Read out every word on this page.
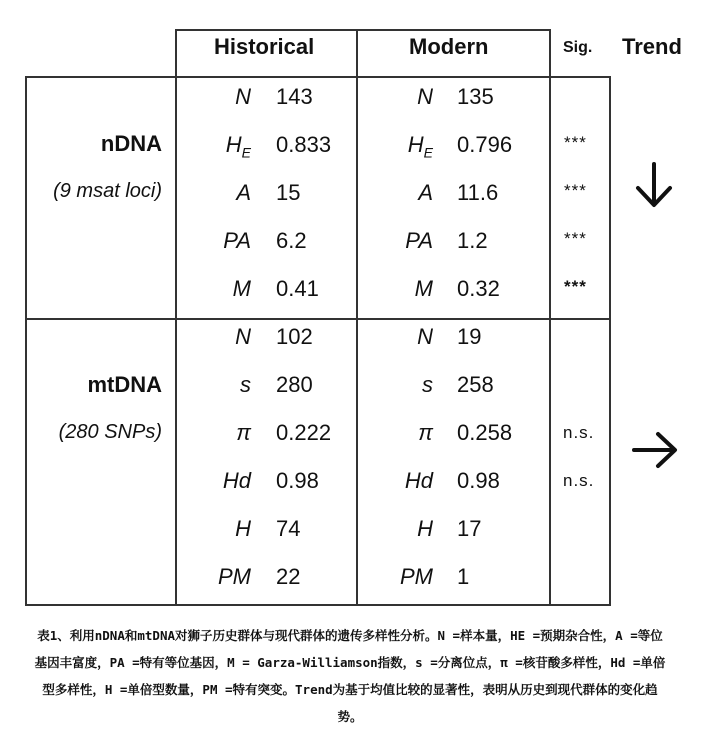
Historical	Modern	Sig. Trend
nDNA
(9 msat loci)
N 143	N 135
$H_E$ 0.833	$H_E$ 0.796	***
A 15	A 11.6	***
PA 6.2	PA 1.2	***
M 0.41	M 0.32	***
mtDNA
(280 SNPs)
N 102	N 19
s 280	s 258
π 0.222	π 0.258	n.s.
Hd 0.98	Hd 0.98	n.s.
H 74	H 17
PM 22	PM 1
表1、利用nDNA和mtDNA对狮子历史群体与现代群体的遗传多样性分析。N =样本量，HE =预期杂合性，A =等位
基因丰富度，PA =特有等位基因，M = Garza-Williamson指数，s =分离位点，π =核苷酸多样性，Hd =单倍
型多样性，H =单倍型数量，PM =特有突变。Trend为基于均值比较的显著性，表明从历史到现代群体的变化趋
势。
